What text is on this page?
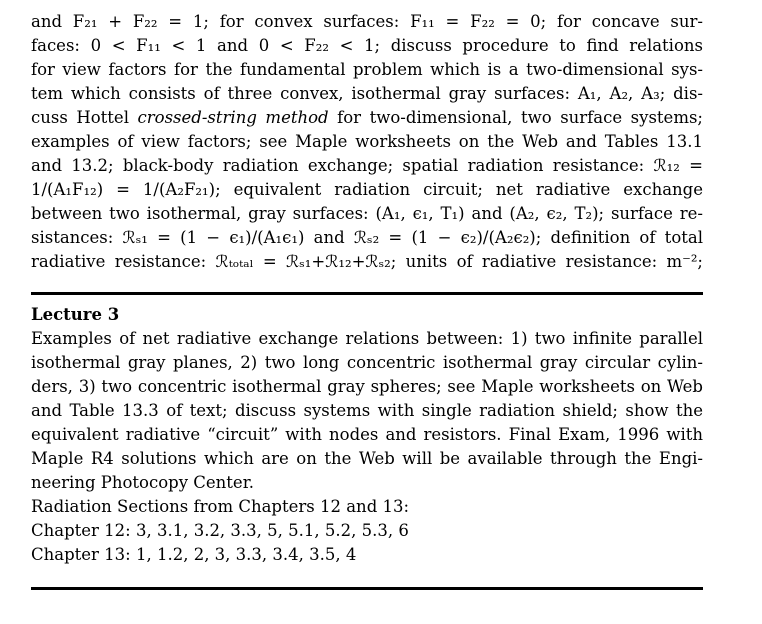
and F₂₁ + F₂₂ = 1; for convex surfaces: F₁₁ = F₂₂ = 0; for concave sur-

faces: 0 < F₁₁ < 1 and 0 < F₂₂ < 1; discuss procedure to find relations

for view factors for the fundamental problem which is a two-dimensional sys-

tem which consists of three convex, isothermal gray surfaces: A₁, A₂, A₃; dis-

cuss Hottel crossed-string method for two-dimensional, two surface systems;

examples of view factors; see Maple worksheets on the Web and Tables 13.1

and 13.2; black-body radiation exchange; spatial radiation resistance: ℛ₁₂ =

1/(A₁F₁₂) = 1/(A₂F₂₁); equivalent radiation circuit; net radiative exchange

between two isothermal, gray surfaces: (A₁, ϵ₁, T₁) and (A₂, ϵ₂, T₂); surface re-

sistances: ℛₛ₁ = (1 − ϵ₁)/(A₁ϵ₁) and ℛₛ₂ = (1 − ϵ₂)/(A₂ϵ₂); definition of total

radiative resistance: ℛₜₒₜₐₗ = ℛₛ₁+ℛ₁₂+ℛₛ₂; units of radiative resistance: m⁻²;

Lecture 3

Examples of net radiative exchange relations between: 1) two infinite parallel

isothermal gray planes, 2) two long concentric isothermal gray circular cylin-

ders, 3) two concentric isothermal gray spheres; see Maple worksheets on Web

and Table 13.3 of text; discuss systems with single radiation shield; show the

equivalent radiative “circuit” with nodes and resistors. Final Exam, 1996 with

Maple R4 solutions which are on the Web will be available through the Engi-

neering Photocopy Center.

Radiation Sections from Chapters 12 and 13:

Chapter 12: 3, 3.1, 3.2, 3.3, 5, 5.1, 5.2, 5.3, 6

Chapter 13: 1, 1.2, 2, 3, 3.3, 3.4, 3.5, 4
